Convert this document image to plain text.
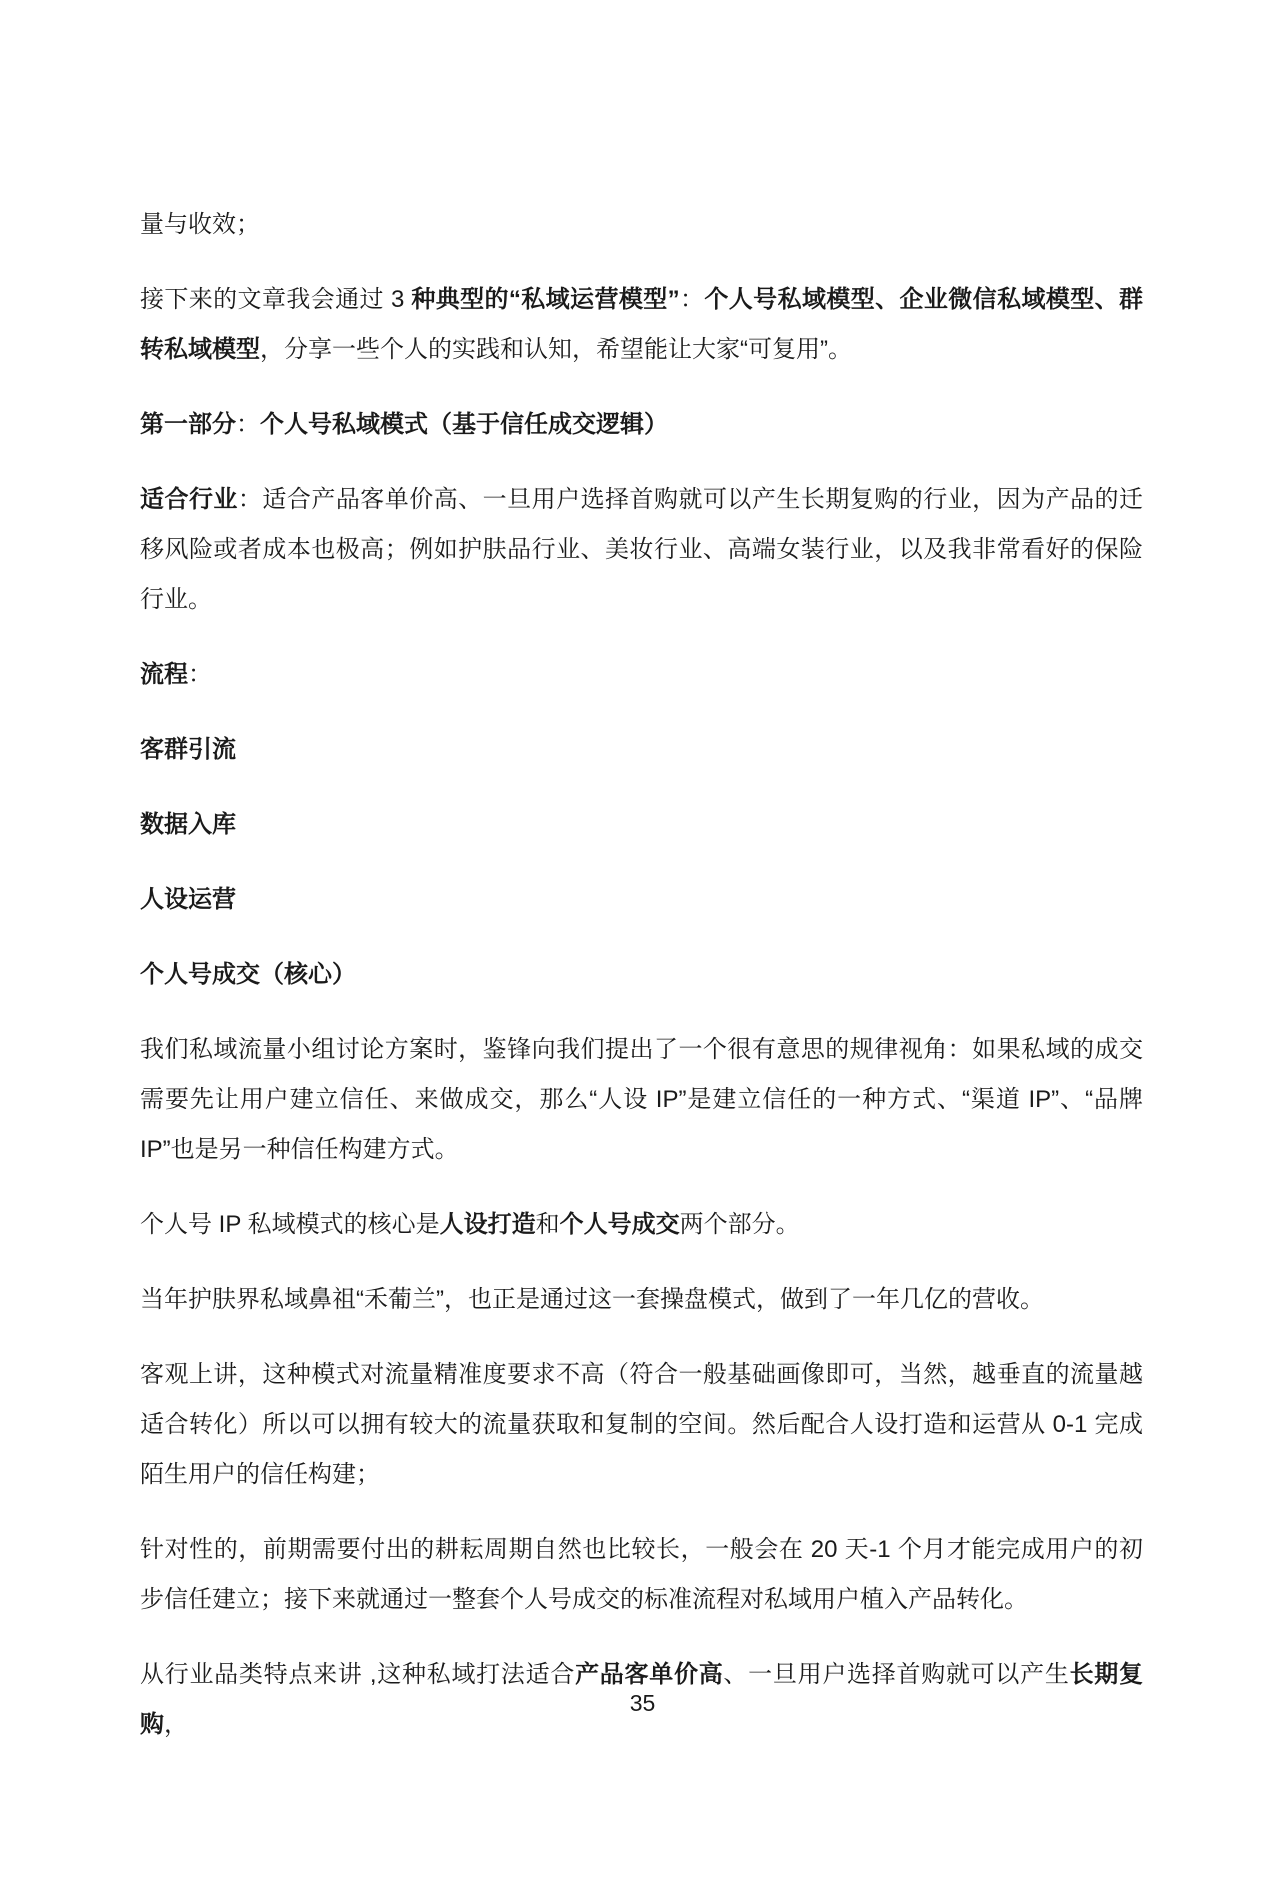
量与收效；

接下来的文章我会通过 3 种典型的“私域运营模型”：个人号私域模型、企业微信私域模型、群转私域模型，分享一些个人的实践和认知，希望能让大家“可复用”。

第一部分：个人号私域模式（基于信任成交逻辑）

适合行业：适合产品客单价高、一旦用户选择首购就可以产生长期复购的行业，因为产品的迁移风险或者成本也极高；例如护肤品行业、美妆行业、高端女装行业，以及我非常看好的保险行业。

流程：

客群引流

数据入库

人设运营

个人号成交（核心）

我们私域流量小组讨论方案时，鉴锋向我们提出了一个很有意思的规律视角：如果私域的成交需要先让用户建立信任、来做成交，那么“人设 IP”是建立信任的一种方式、“渠道 IP”、“品牌 IP”也是另一种信任构建方式。

个人号 IP 私域模式的核心是人设打造和个人号成交两个部分。

当年护肤界私域鼻祖“禾葡兰”，也正是通过这一套操盘模式，做到了一年几亿的营收。

客观上讲，这种模式对流量精准度要求不高（符合一般基础画像即可，当然，越垂直的流量越适合转化）所以可以拥有较大的流量获取和复制的空间。然后配合人设打造和运营从 0-1 完成陌生用户的信任构建；

针对性的，前期需要付出的耕耘周期自然也比较长，一般会在 20 天-1 个月才能完成用户的初步信任建立；接下来就通过一整套个人号成交的标准流程对私域用户植入产品转化。

从行业品类特点来讲 ,这种私域打法适合产品客单价高、一旦用户选择首购就可以产生长期复购，

35
